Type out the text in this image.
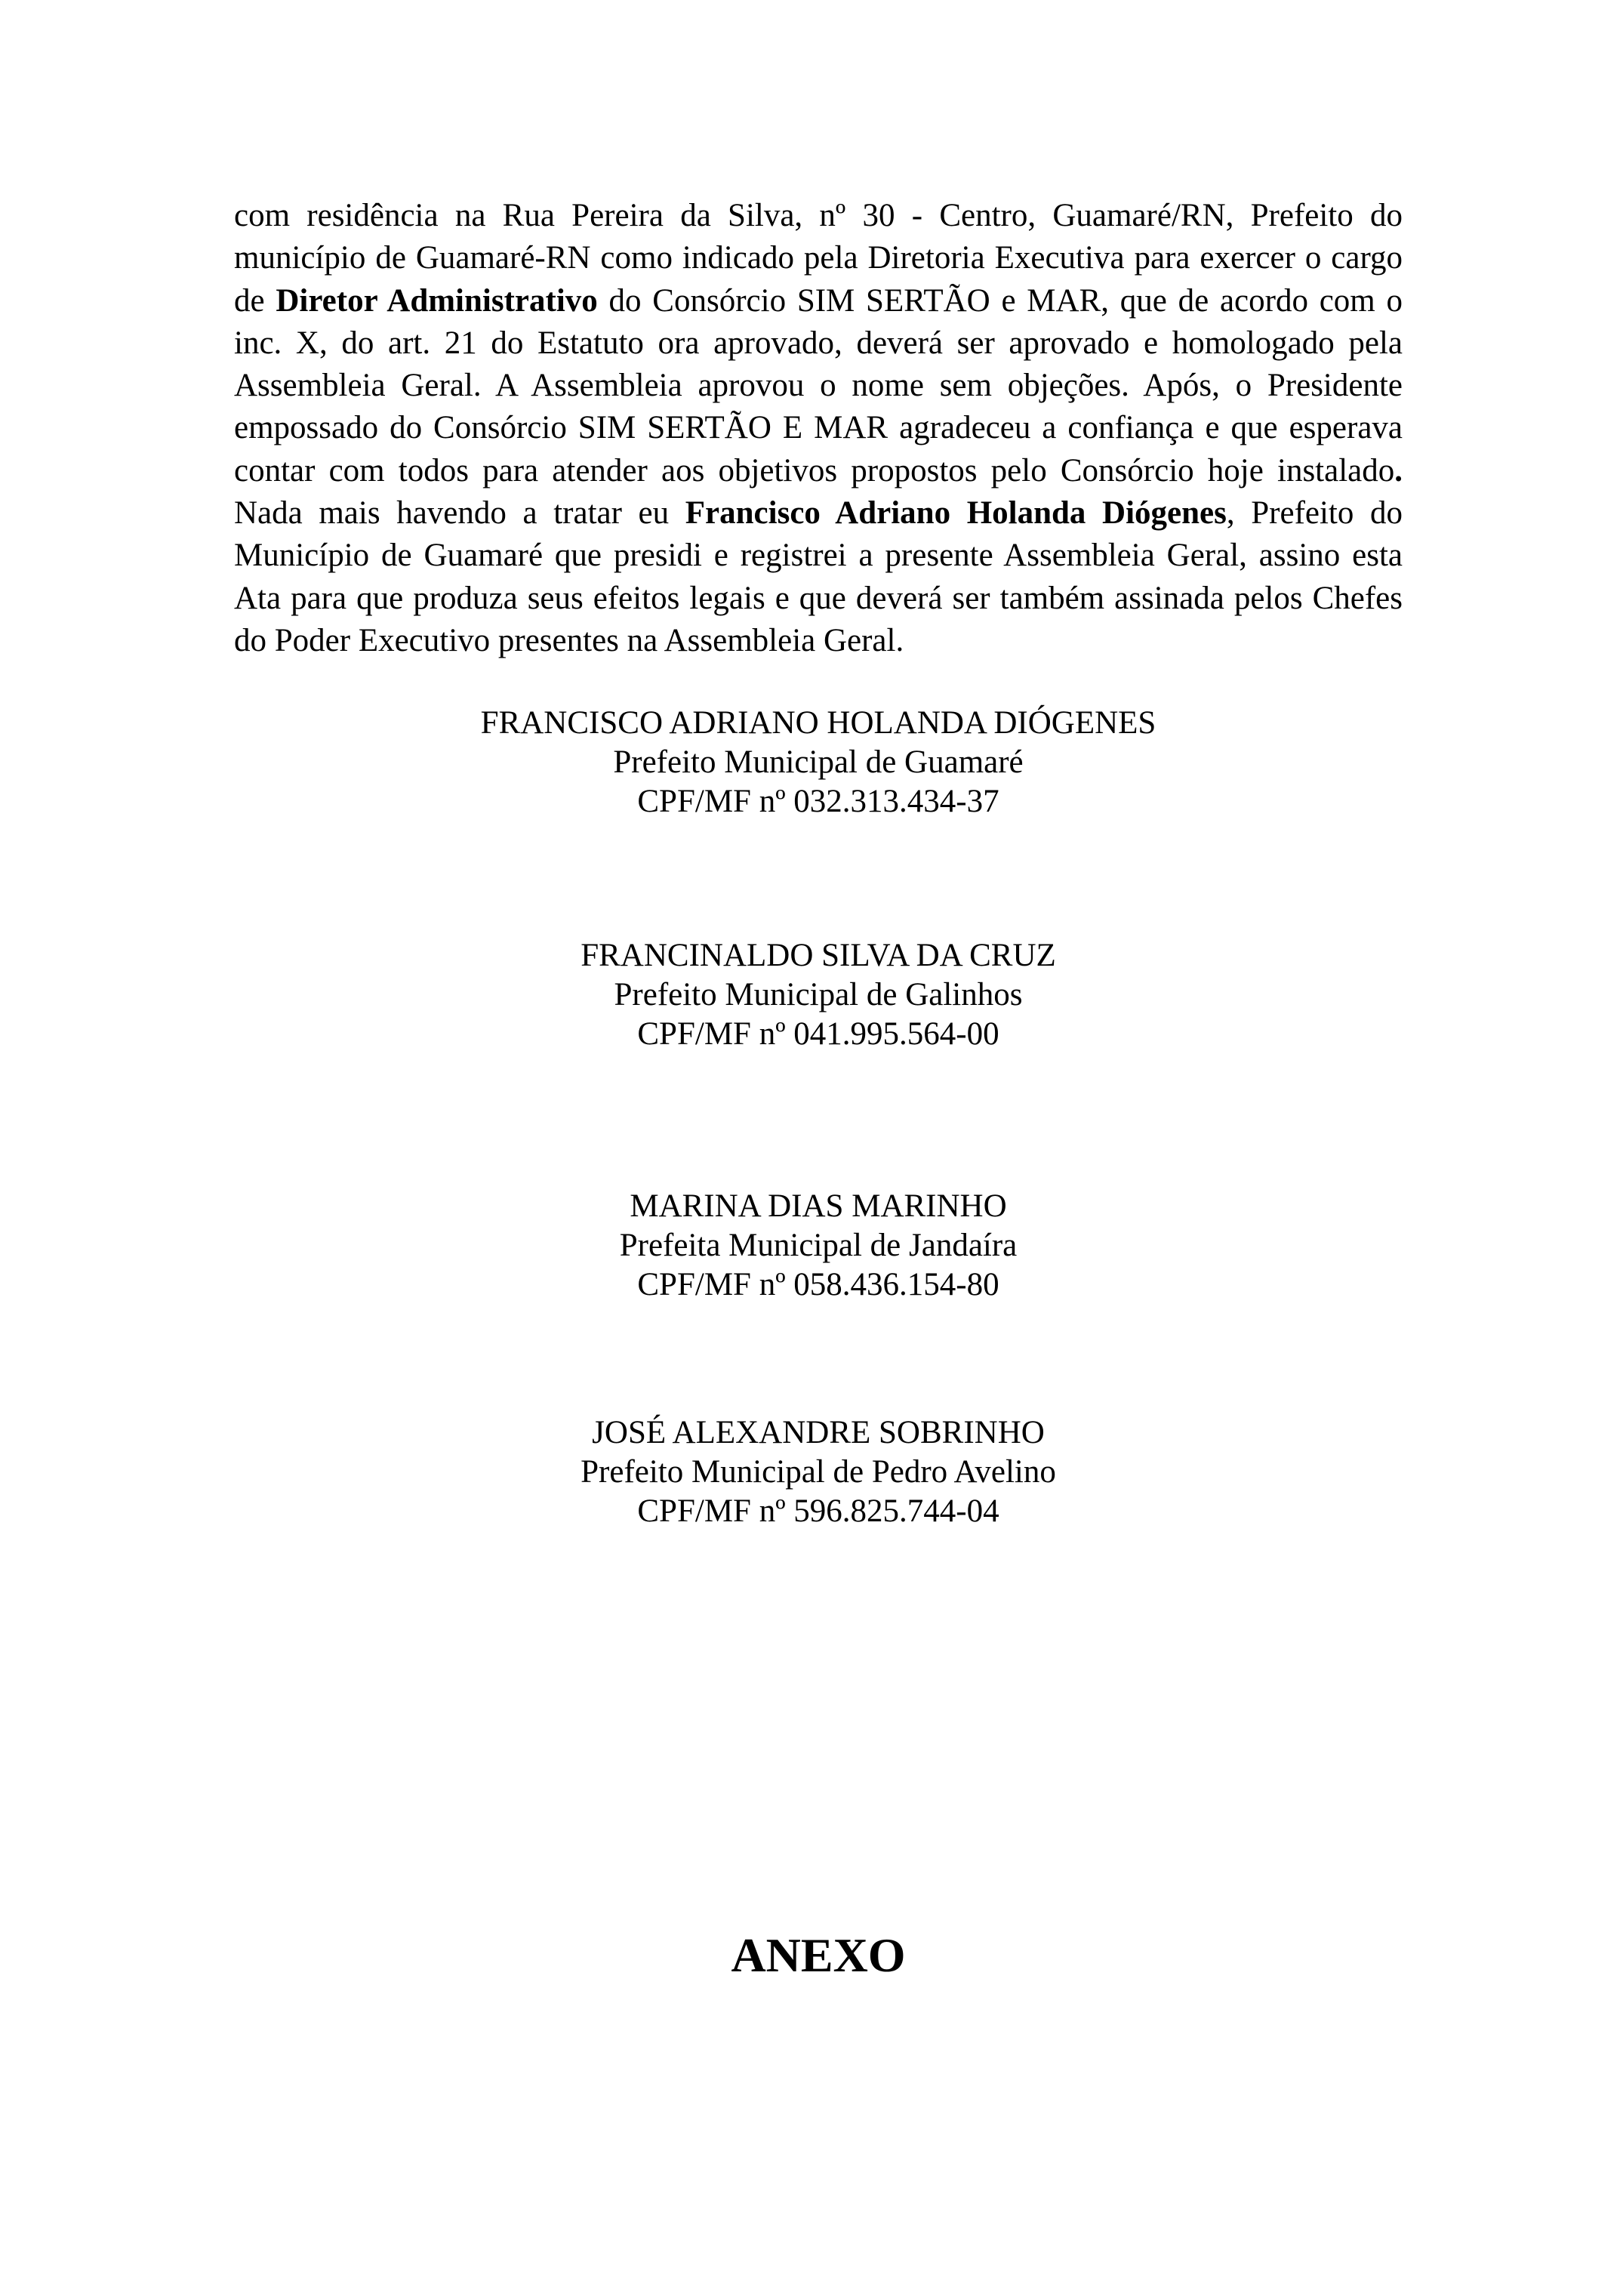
com residência na Rua Pereira da Silva, nº 30 - Centro, Guamaré/RN, Prefeito do município de Guamaré-RN como indicado pela Diretoria Executiva para exercer o cargo de Diretor Administrativo do Consórcio SIM SERTÃO e MAR, que de acordo com o inc. X, do art. 21 do Estatuto ora aprovado, deverá ser aprovado e homologado pela Assembleia Geral. A Assembleia aprovou o nome sem objeções. Após, o Presidente empossado do Consórcio SIM SERTÃO E MAR agradeceu a confiança e que esperava contar com todos para atender aos objetivos propostos pelo Consórcio hoje instalado. Nada mais havendo a tratar eu Francisco Adriano Holanda Diógenes, Prefeito do Município de Guamaré que presidi e registrei a presente Assembleia Geral, assino esta Ata para que produza seus efeitos legais e que deverá ser também assinada pelos Chefes do Poder Executivo presentes na Assembleia Geral.

FRANCISCO ADRIANO HOLANDA DIÓGENES
Prefeito Municipal de Guamaré
CPF/MF nº 032.313.434-37
FRANCINALDO SILVA DA CRUZ
Prefeito Municipal de Galinhos
CPF/MF nº 041.995.564-00
MARINA DIAS MARINHO
Prefeita Municipal de Jandaíra
CPF/MF nº 058.436.154-80
JOSÉ ALEXANDRE SOBRINHO
Prefeito Municipal de Pedro Avelino
CPF/MF nº 596.825.744-04
ANEXO
